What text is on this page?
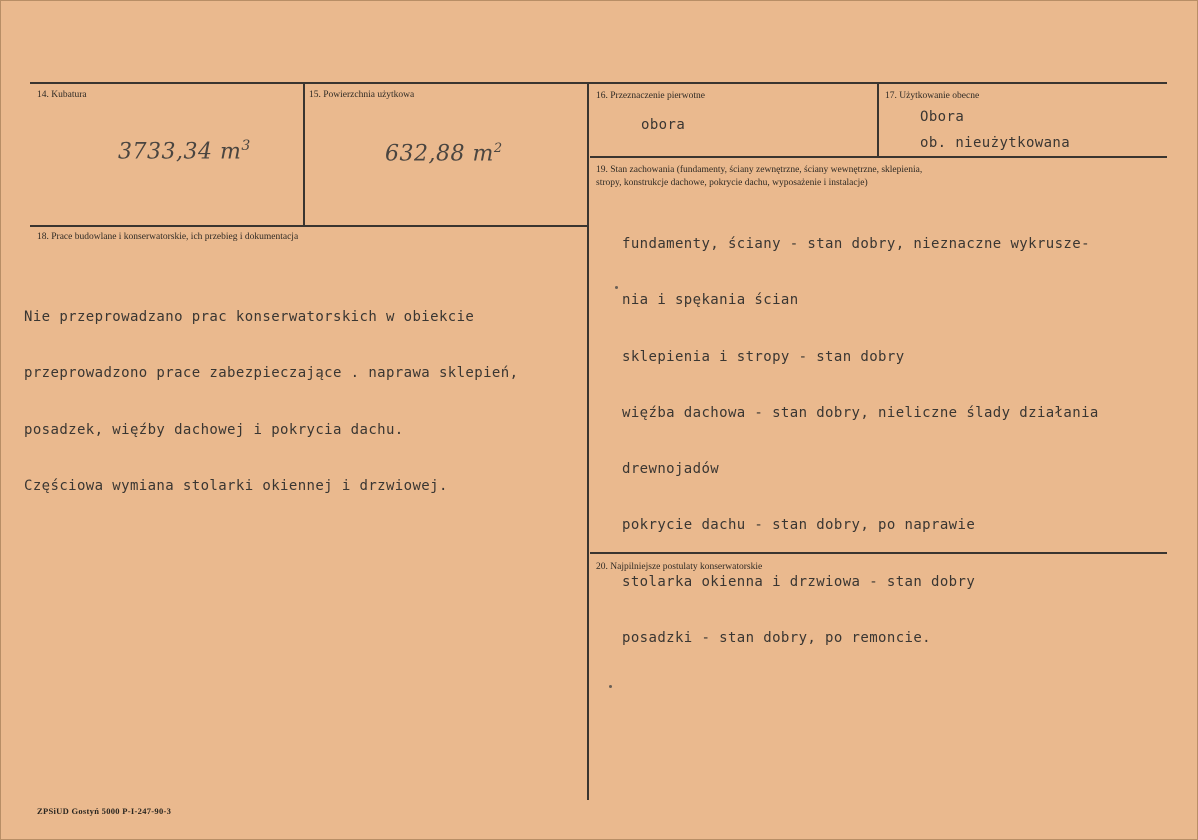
14. Kubatura
3733,34 $m^3$
15. Powierzchnia użytkowa
632,88 $m^2$
16. Przeznaczenie pierwotne
obora
17. Użytkowanie obecne
Obora
ob. nieużytkowana
18. Prace budowlane i konserwatorskie, ich przebieg i dokumentacja

Nie przeprowadzano prac konserwatorskich w obiekcie

przeprowadzono prace zabezpieczające . naprawa sklepień,

posadzek, więźby dachowej i pokrycia dachu.

Częściowa wymiana stolarki okiennej i drzwiowej.

19. Stan zachowania (fundamenty, ściany zewnętrzne, ściany wewnętrzne, sklepienia,
stropy, konstrukcje dachowe, pokrycie dachu, wyposażenie i instalacje)

fundamenty, ściany - stan dobry, nieznaczne wykrusze-

nia i spękania ścian

sklepienia i stropy - stan dobry

więźba dachowa - stan dobry, nieliczne ślady działania

drewnojadów

pokrycie dachu - stan dobry, po naprawie

stolarka okienna i drzwiowa - stan dobry

posadzki - stan dobry, po remoncie.

20. Najpilniejsze postulaty konserwatorskie
ZPSiUD Gostyń 5000 P-I-247-90-3
